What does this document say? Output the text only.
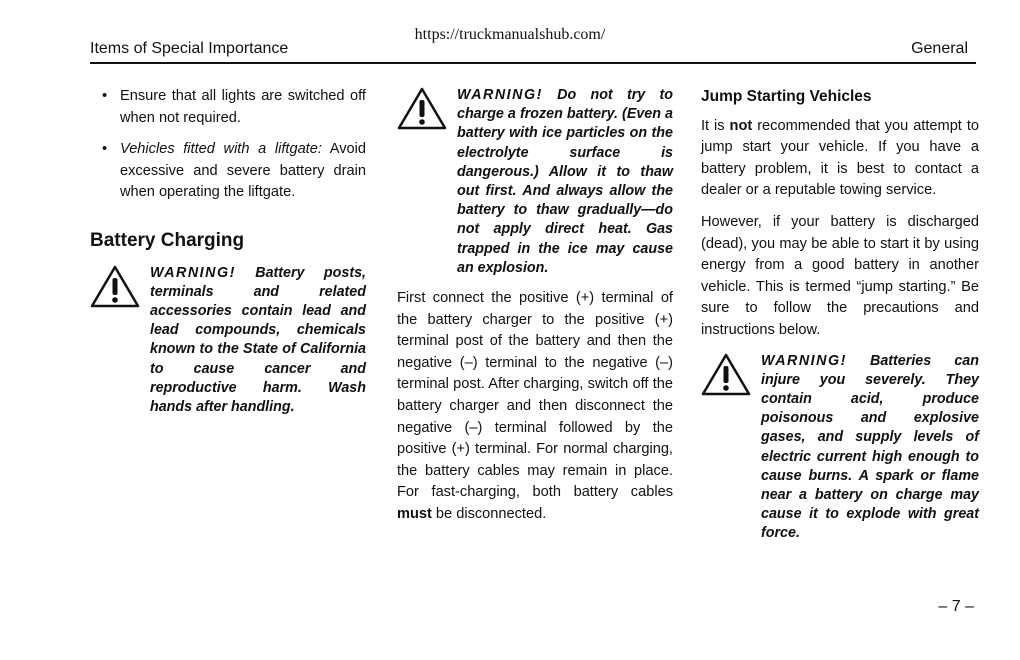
https://truckmanualshub.com/
Items of Special Importance	General
• Ensure that all lights are switched off when not required.
• Vehicles fitted with a liftgate: Avoid excessive and severe battery drain when operating the liftgate.
Battery Charging
WARNING! Battery posts, terminals and related accessories contain lead and lead compounds, chemicals known to the State of California to cause cancer and reproductive harm. Wash hands after handling.
WARNING! Do not try to charge a frozen battery. (Even a battery with ice particles on the electrolyte surface is dangerous.) Allow it to thaw out first. And always allow the battery to thaw gradually—do not apply direct heat. Gas trapped in the ice may cause an explosion.

First connect the positive (+) terminal of the battery charger to the positive (+) terminal post of the battery and then the negative (–) terminal to the negative (–) terminal post. After charging, switch off the battery charger and then disconnect the negative (–) terminal followed by the positive (+) terminal. For normal charging, the battery cables may remain in place. For fast-charging, both battery cables must be disconnected.

Jump Starting Vehicles

It is not recommended that you attempt to jump start your vehicle. If you have a battery problem, it is best to contact a dealer or a reputable towing service.

However, if your battery is discharged (dead), you may be able to start it by using energy from a good battery in another vehicle. This is termed “jump starting.” Be sure to follow the precautions and instructions below.

WARNING! Batteries can injure you severely. They contain acid, produce poisonous and explosive gases, and supply levels of electric current high enough to cause burns. A spark or flame near a battery on charge may cause it to explode with great force.
– 7 –
